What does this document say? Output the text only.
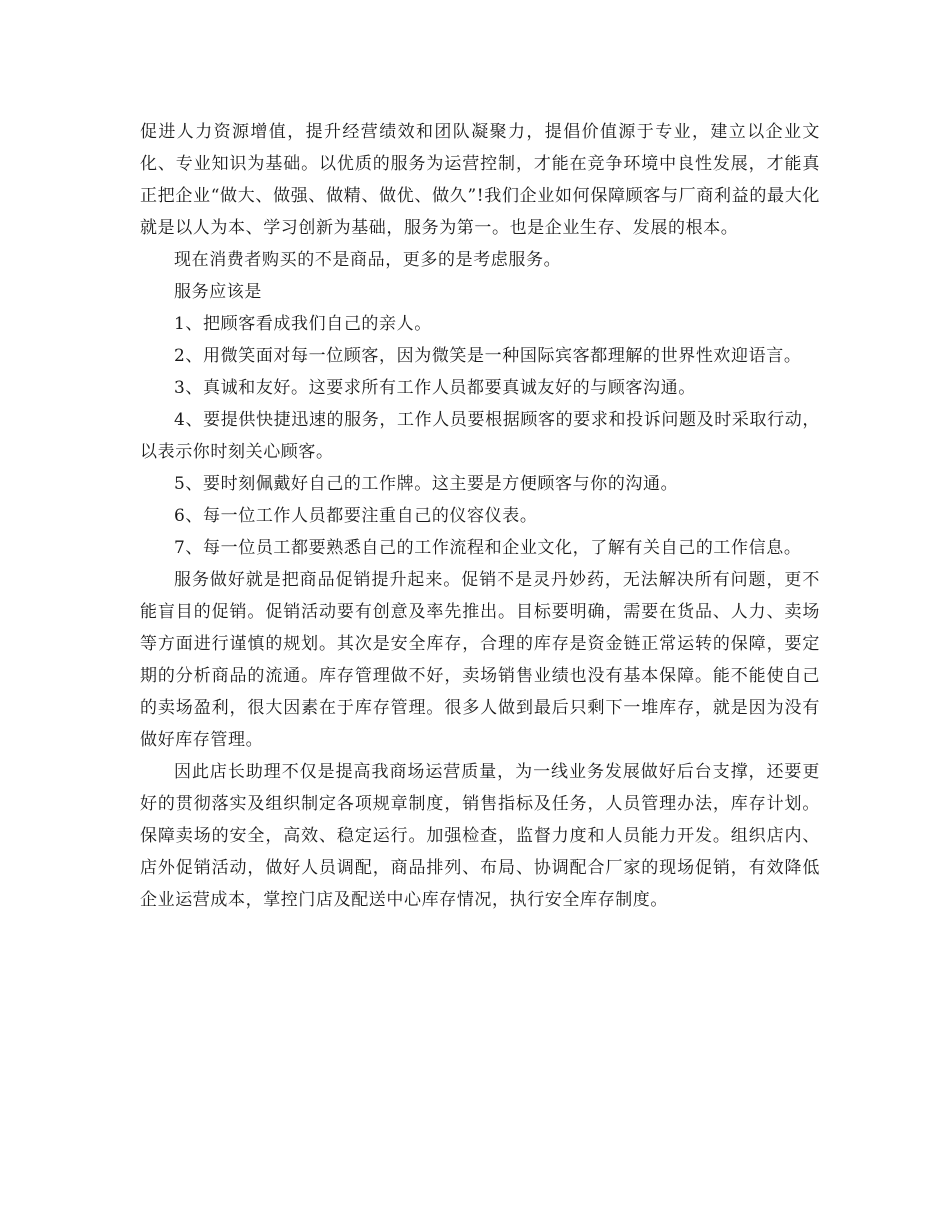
促进人力资源增值，提升经营绩效和团队凝聚力，提倡价值源于专业，建立以企业文化、专业知识为基础。以优质的服务为运营控制，才能在竞争环境中良性发展，才能真正把企业“做大、做强、做精、做优、做久”!我们企业如何保障顾客与厂商利益的最大化就是以人为本、学习创新为基础，服务为第一。也是企业生存、发展的根本。

现在消费者购买的不是商品，更多的是考虑服务。

服务应该是

1、把顾客看成我们自己的亲人。

2、用微笑面对每一位顾客，因为微笑是一种国际宾客都理解的世界性欢迎语言。

3、真诚和友好。这要求所有工作人员都要真诚友好的与顾客沟通。

4、要提供快捷迅速的服务，工作人员要根据顾客的要求和投诉问题及时采取行动，以表示你时刻关心顾客。

5、要时刻佩戴好自己的工作牌。这主要是方便顾客与你的沟通。

6、每一位工作人员都要注重自己的仪容仪表。

7、每一位员工都要熟悉自己的工作流程和企业文化，了解有关自己的工作信息。

服务做好就是把商品促销提升起来。促销不是灵丹妙药，无法解决所有问题，更不能盲目的促销。促销活动要有创意及率先推出。目标要明确，需要在货品、人力、卖场等方面进行谨慎的规划。其次是安全库存，合理的库存是资金链正常运转的保障，要定期的分析商品的流通。库存管理做不好，卖场销售业绩也没有基本保障。能不能使自己的卖场盈利，很大因素在于库存管理。很多人做到最后只剩下一堆库存，就是因为没有做好库存管理。

因此店长助理不仅是提高我商场运营质量，为一线业务发展做好后台支撑，还要更好的贯彻落实及组织制定各项规章制度，销售指标及任务，人员管理办法，库存计划。保障卖场的安全，高效、稳定运行。加强检查，监督力度和人员能力开发。组织店内、店外促销活动，做好人员调配，商品排列、布局、协调配合厂家的现场促销，有效降低企业运营成本，掌控门店及配送中心库存情况，执行安全库存制度。
